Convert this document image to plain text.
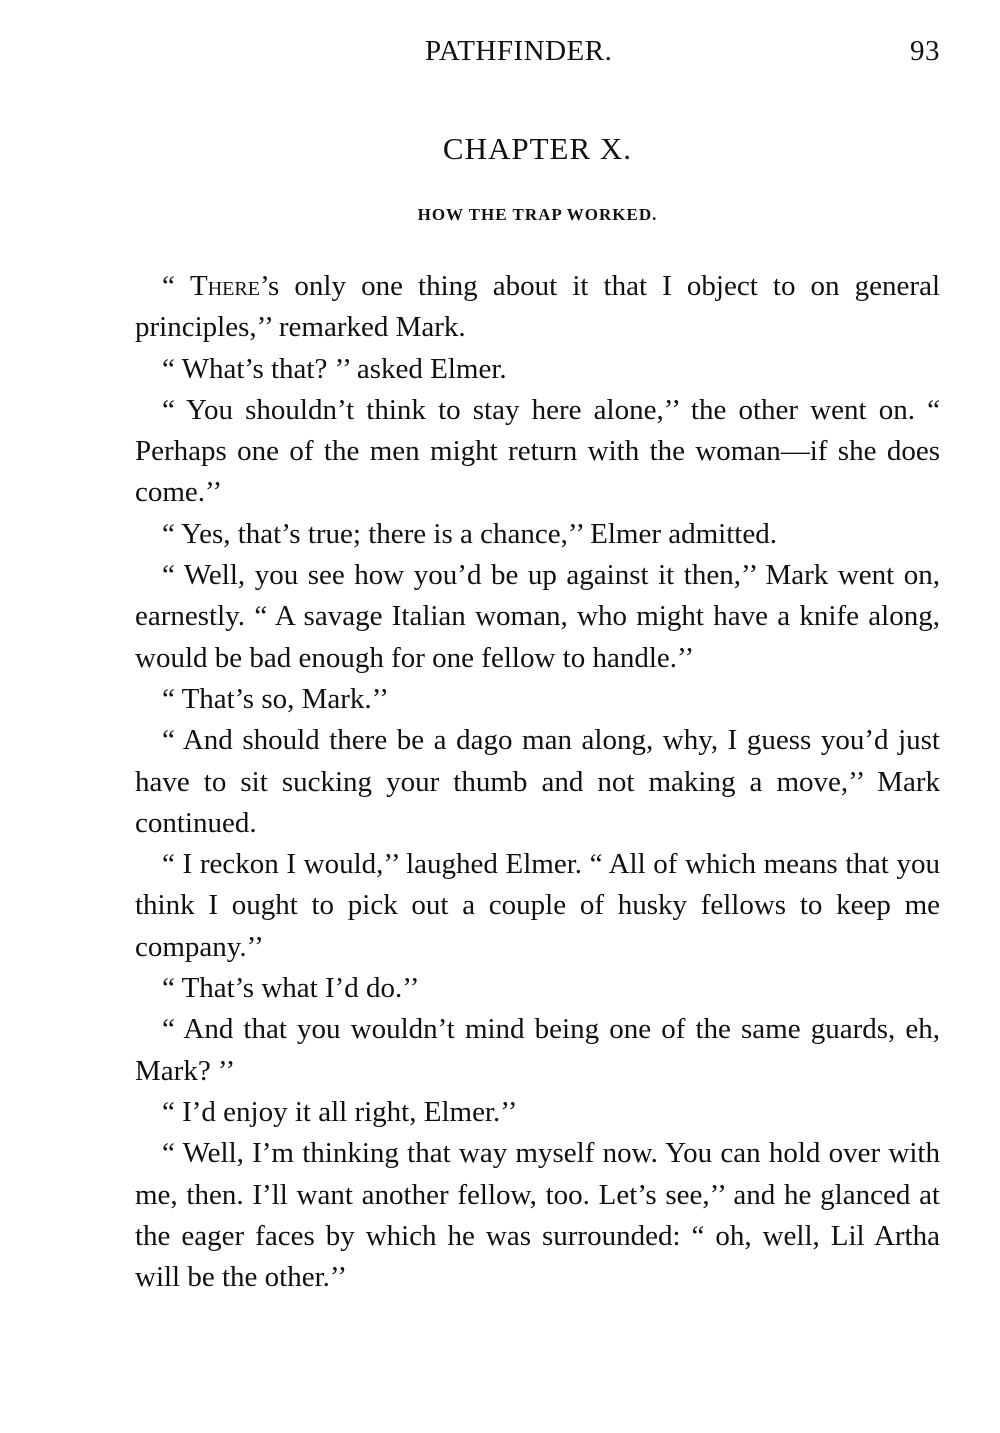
PATHFINDER.	93
CHAPTER X.
HOW THE TRAP WORKED.

“ There’s only one thing about it that I object to on general principles,’’ remarked Mark.

“ What’s that? ’’ asked Elmer.

“ You shouldn’t think to stay here alone,’’ the other went on. “ Perhaps one of the men might return with the woman—if she does come.’’

“ Yes, that’s true; there is a chance,’’ Elmer admitted.

“ Well, you see how you’d be up against it then,’’ Mark went on, earnestly. “ A savage Italian woman, who might have a knife along, would be bad enough for one fellow to handle.’’

“ That’s so, Mark.’’

“ And should there be a dago man along, why, I guess you’d just have to sit sucking your thumb and not making a move,’’ Mark continued.

“ I reckon I would,’’ laughed Elmer. “ All of which means that you think I ought to pick out a couple of husky fellows to keep me company.’’

“ That’s what I’d do.’’

“ And that you wouldn’t mind being one of the same guards, eh, Mark? ’’

“ I’d enjoy it all right, Elmer.’’

“ Well, I’m thinking that way myself now. You can hold over with me, then. I’ll want another fellow, too. Let’s see,’’ and he glanced at the eager faces by which he was surrounded: “ oh, well, Lil Artha will be the other.’’
